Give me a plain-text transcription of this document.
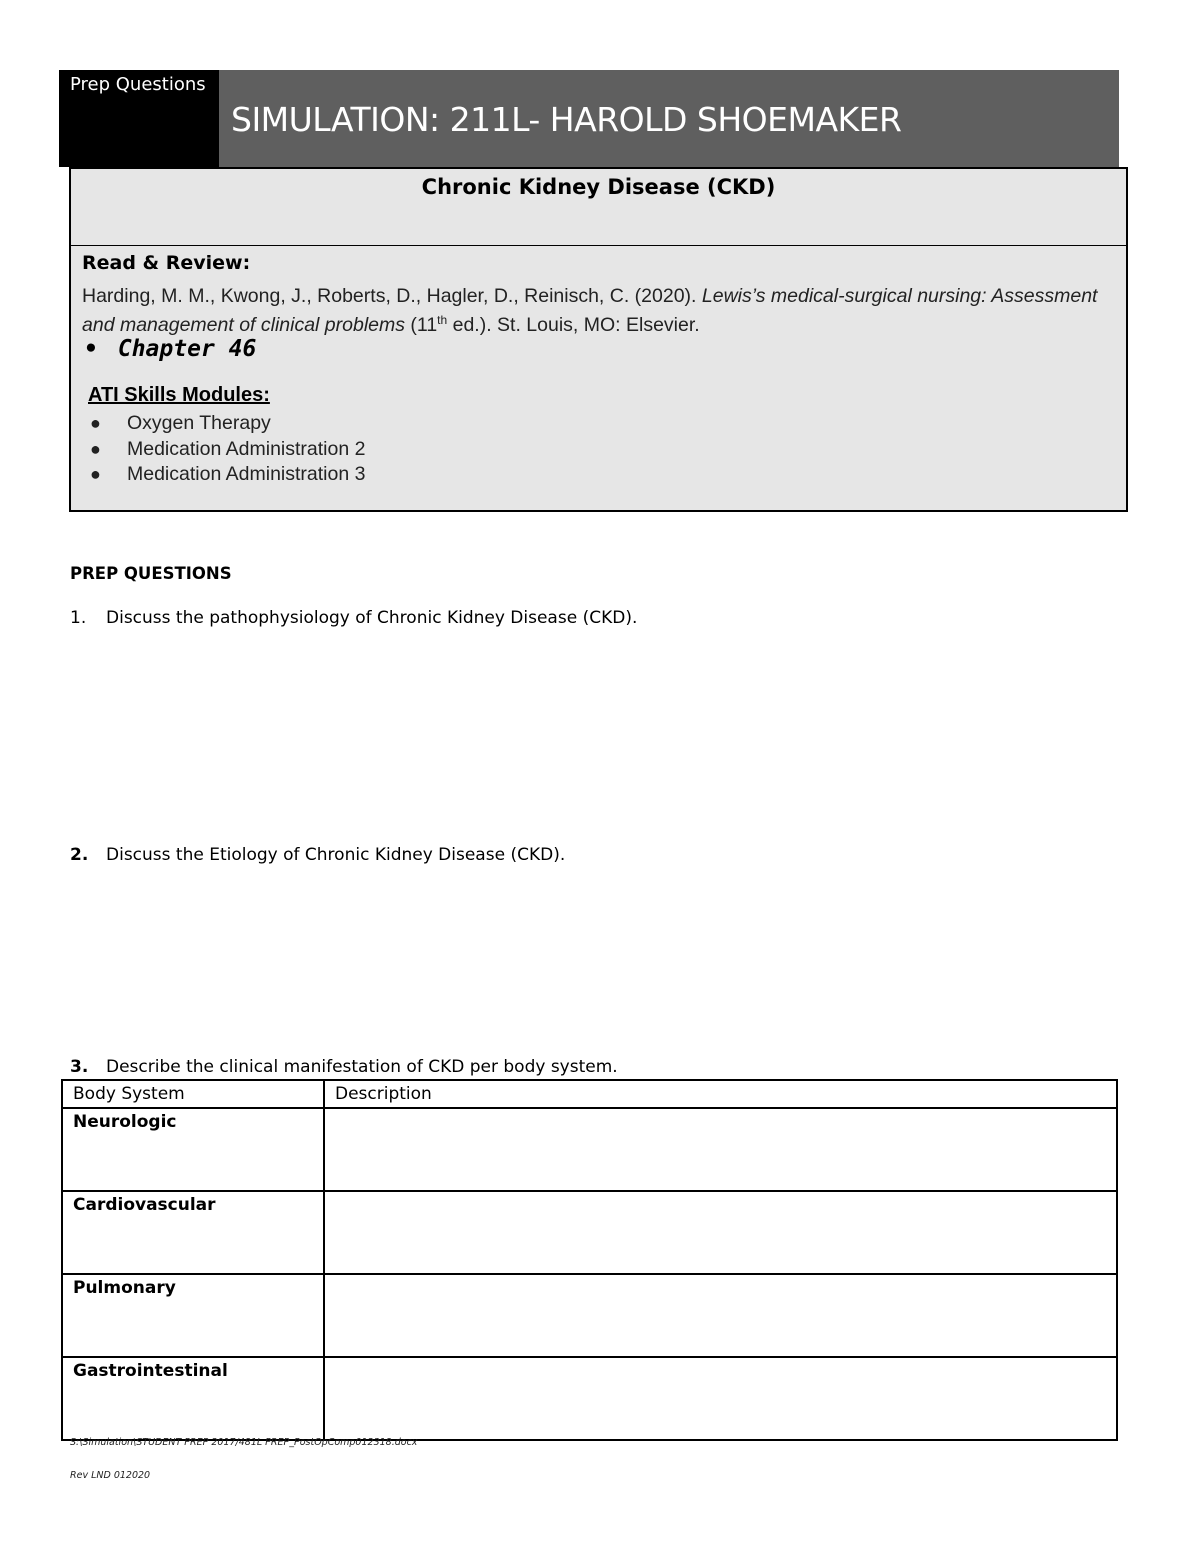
Prep Questions
SIMULATION: 211L- HAROLD SHOEMAKER
Chronic Kidney Disease (CKD)
Read & Review:
Harding, M. M., Kwong, J., Roberts, D., Hagler, D., Reinisch, C. (2020). Lewis’s medical-surgical nursing: Assessment and management of clinical problems (11th ed.). St. Louis, MO: Elsevier.
• Chapter 46
ATI Skills Modules:
● Oxygen Therapy
● Medication Administration 2
● Medication Administration 3
PREP QUESTIONS
1. Discuss the pathophysiology of Chronic Kidney Disease (CKD).
2. Discuss the Etiology of Chronic Kidney Disease (CKD).
3. Describe the clinical manifestation of CKD per body system.
Body System	Description
Neurologic	
Cardiovascular	
Pulmonary	
Gastrointestinal	
S:\Simulation\STUDENT PREP 2017/481L PREP_PostOpComp012318.docx
Rev LND 012020
